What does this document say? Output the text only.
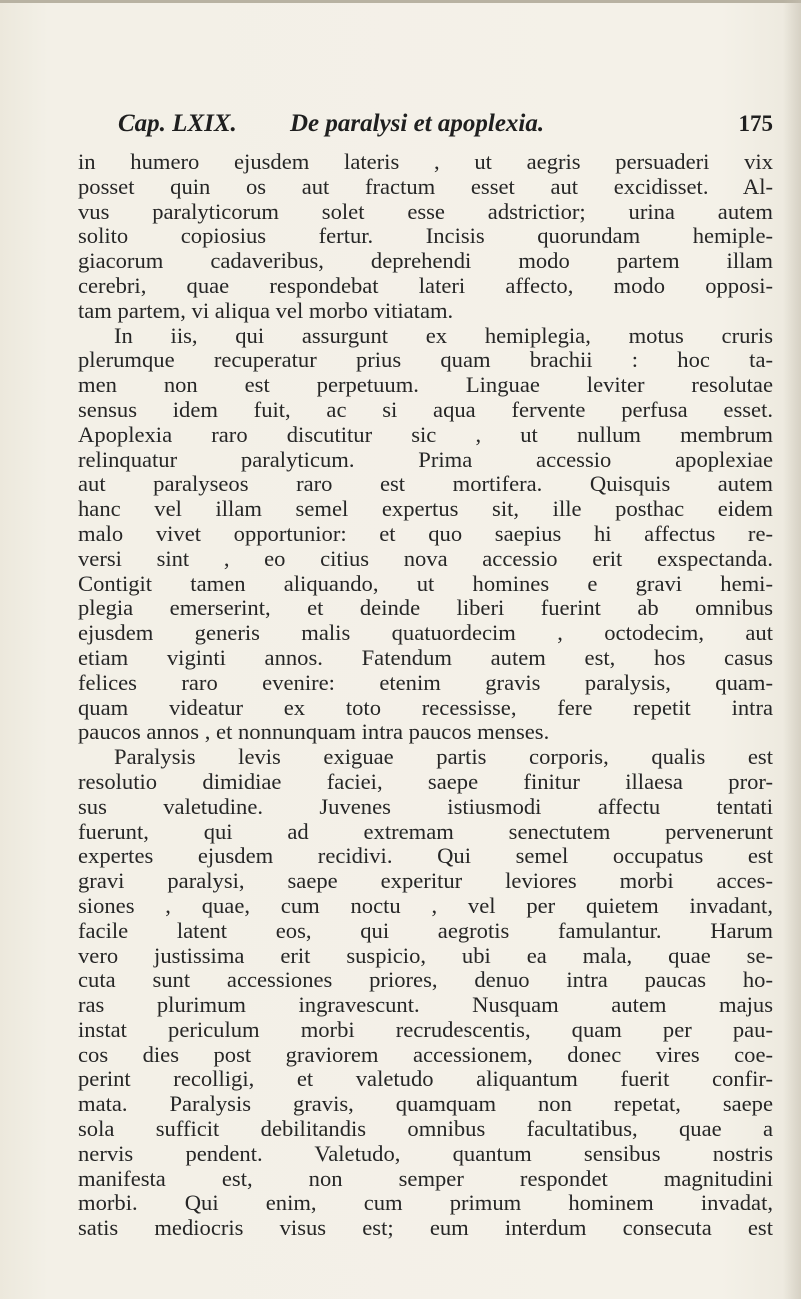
Cap. LXIX. De paralysi et apoplexia.	175
in humero ejusdem lateris , ut aegris persuaderi vix
posset quin os aut fractum esset aut excidisset. Al-
vus paralyticorum solet esse adstrictior; urina autem
solito copiosius fertur. Incisis quorundam hemiple-
giacorum cadaveribus, deprehendi modo partem illam
cerebri, quae respondebat lateri affecto, modo opposi-
tam partem, vi aliqua vel morbo vitiatam.
In iis, qui assurgunt ex hemiplegia, motus cruris
plerumque recuperatur prius quam brachii : hoc ta-
men non est perpetuum. Linguae leviter resolutae
sensus idem fuit, ac si aqua fervente perfusa esset.
Apoplexia raro discutitur sic , ut nullum membrum
relinquatur paralyticum. Prima accessio apoplexiae
aut paralyseos raro est mortifera. Quisquis autem
hanc vel illam semel expertus sit, ille posthac eidem
malo vivet opportunior: et quo saepius hi affectus re-
versi sint , eo citius nova accessio erit exspectanda.
Contigit tamen aliquando, ut homines e gravi hemi-
plegia emerserint, et deinde liberi fuerint ab omnibus
ejusdem generis malis quatuordecim , octodecim, aut
etiam viginti annos. Fatendum autem est, hos casus
felices raro evenire: etenim gravis paralysis, quam-
quam videatur ex toto recessisse, fere repetit intra
paucos annos , et nonnunquam intra paucos menses.
Paralysis levis exiguae partis corporis, qualis est
resolutio dimidiae faciei, saepe finitur illaesa pror-
sus valetudine. Juvenes istiusmodi affectu tentati
fuerunt, qui ad extremam senectutem pervenerunt
expertes ejusdem recidivi. Qui semel occupatus est
gravi paralysi, saepe experitur leviores morbi acces-
siones , quae, cum noctu , vel per quietem invadant,
facile latent eos, qui aegrotis famulantur. Harum
vero justissima erit suspicio, ubi ea mala, quae se-
cuta sunt accessiones priores, denuo intra paucas ho-
ras plurimum ingravescunt. Nusquam autem majus
instat periculum morbi recrudescentis, quam per pau-
cos dies post graviorem accessionem, donec vires coe-
perint recolligi, et valetudo aliquantum fuerit confir-
mata. Paralysis gravis, quamquam non repetat, saepe
sola sufficit debilitandis omnibus facultatibus, quae a
nervis pendent. Valetudo, quantum sensibus nostris
manifesta est, non semper respondet magnitudini
morbi. Qui enim, cum primum hominem invadat,
satis mediocris visus est; eum interdum consecuta est
